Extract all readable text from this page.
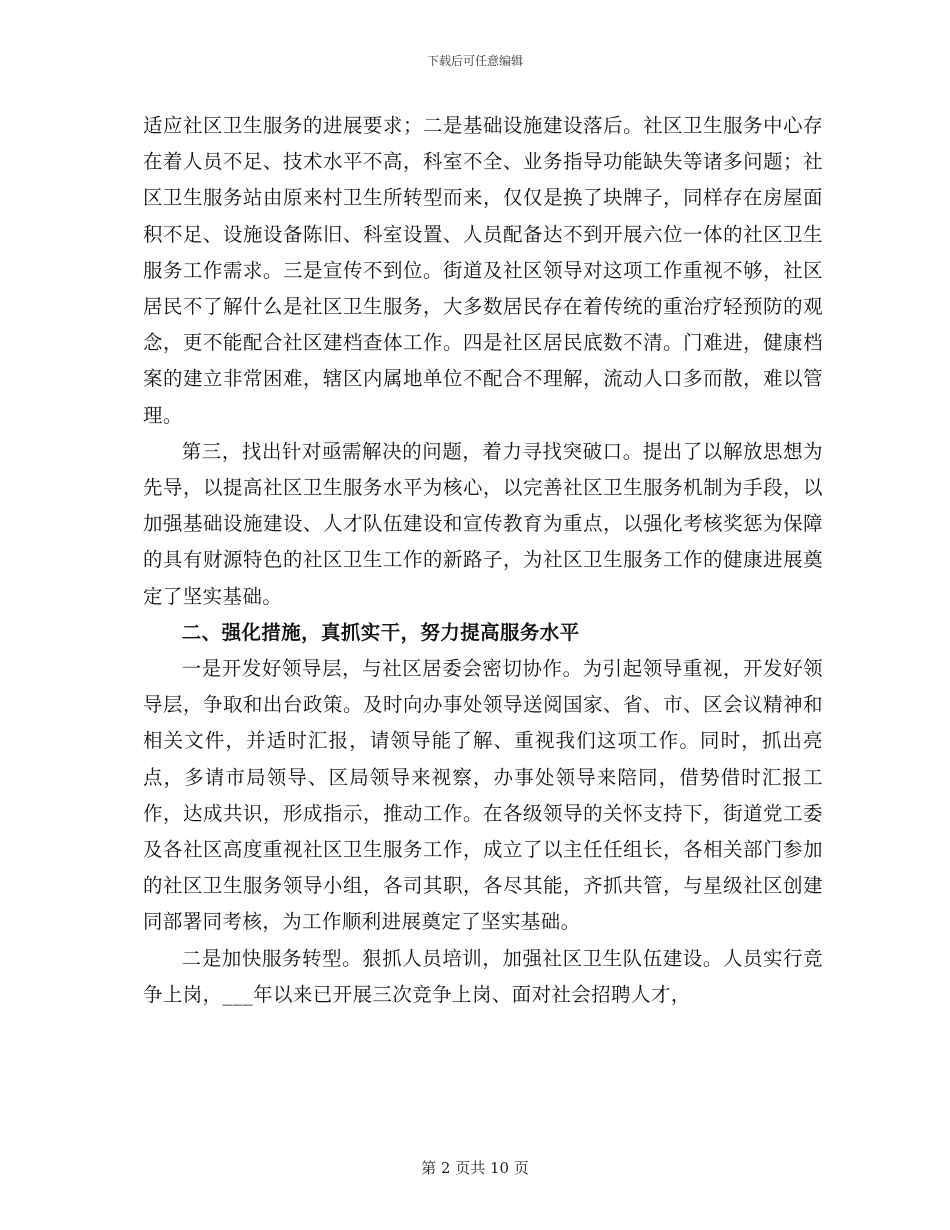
下载后可任意编辑

适应社区卫生服务的进展要求；二是基础设施建设落后。社区卫生服务中心存在着人员不足、技术水平不高，科室不全、业务指导功能缺失等诸多问题；社区卫生服务站由原来村卫生所转型而来，仅仅是换了块牌子，同样存在房屋面积不足、设施设备陈旧、科室设置、人员配备达不到开展六位一体的社区卫生服务工作需求。三是宣传不到位。街道及社区领导对这项工作重视不够，社区居民不了解什么是社区卫生服务，大多数居民存在着传统的重治疗轻预防的观念，更不能配合社区建档查体工作。四是社区居民底数不清。门难进，健康档案的建立非常困难，辖区内属地单位不配合不理解，流动人口多而散，难以管理。

第三，找出针对亟需解决的问题，着力寻找突破口。提出了以解放思想为先导，以提高社区卫生服务水平为核心，以完善社区卫生服务机制为手段，以加强基础设施建设、人才队伍建设和宣传教育为重点，以强化考核奖惩为保障的具有财源特色的社区卫生工作的新路子，为社区卫生服务工作的健康进展奠定了坚实基础。

二、强化措施，真抓实干，努力提高服务水平

一是开发好领导层，与社区居委会密切协作。为引起领导重视，开发好领导层，争取和出台政策。及时向办事处领导送阅国家、省、市、区会议精神和相关文件，并适时汇报，请领导能了解、重视我们这项工作。同时，抓出亮点，多请市局领导、区局领导来视察，办事处领导来陪同，借势借时汇报工作，达成共识，形成指示，推动工作。在各级领导的关怀支持下，街道党工委及各社区高度重视社区卫生服务工作，成立了以主任任组长，各相关部门参加的社区卫生服务领导小组，各司其职，各尽其能，齐抓共管，与星级社区创建同部署同考核，为工作顺利进展奠定了坚实基础。

二是加快服务转型。狠抓人员培训，加强社区卫生队伍建设。人员实行竞争上岗，___年以来已开展三次竞争上岗、面对社会招聘人才，

第 2 页共 10 页
